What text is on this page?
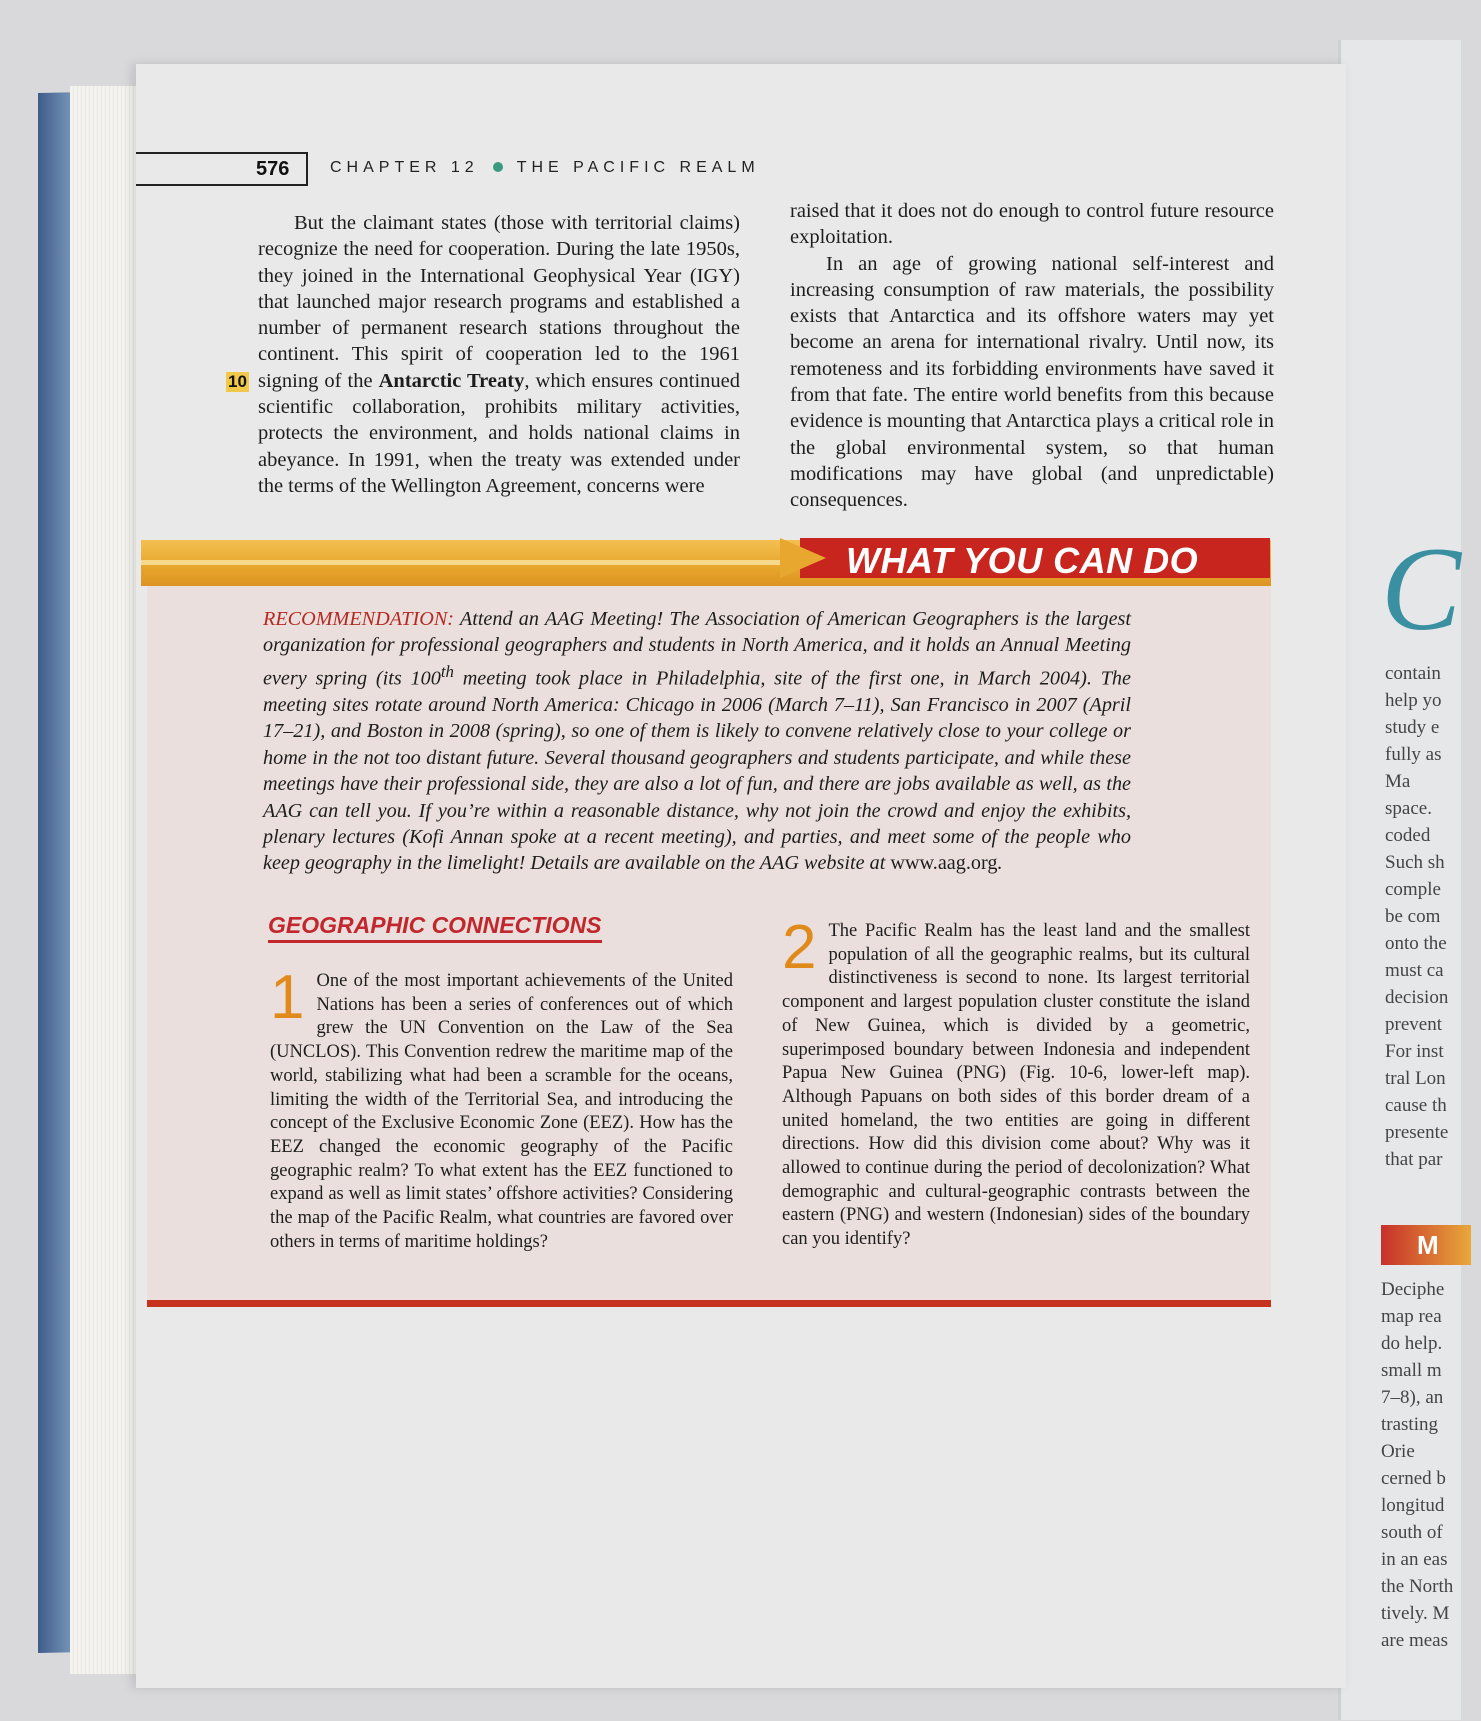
C
contain
help yo
study e
fully as
Ma
space.
coded
Such sh
comple
be com
onto the
must ca
decision
prevent
For inst
tral Lon
cause th
presente
that par
M
Deciphe
map rea
do help.
small m
7–8), an
trasting
Orie
cerned b
longitud
south of
in an eas
the North
tively. M
are meas
576	CHAPTER 12 THE PACIFIC REALM

But the claimant states (those with territorial claims) recognize the need for cooperation. During the late 1950s, they joined in the International Geophysical Year (IGY) that launched major research programs and established a number of permanent research stations throughout the continent. This spirit of cooperation led to the 1961 signing of the Antarctic Treaty, which ensures continued scientific collaboration, prohibits military activities, protects the environment, and holds national claims in abeyance. In 1991, when the treaty was extended under the terms of the Wellington Agreement, concerns were

10

raised that it does not do enough to control future resource exploitation.

In an age of growing national self-interest and increasing consumption of raw materials, the possibility exists that Antarctica and its offshore waters may yet become an arena for international rivalry. Until now, its remoteness and its forbidding environments have saved it from that fate. The entire world benefits from this because evidence is mounting that Antarctica plays a critical role in the global environmental system, so that human modifications may have global (and unpredictable) consequences.

WHAT YOU CAN DO
RECOMMENDATION: Attend an AAG Meeting! The Association of American Geographers is the largest organization for professional geographers and students in North America, and it holds an Annual Meeting every spring (its 100th meeting took place in Philadelphia, site of the first one, in March 2004). The meeting sites rotate around North America: Chicago in 2006 (March 7–11), San Francisco in 2007 (April 17–21), and Boston in 2008 (spring), so one of them is likely to convene relatively close to your college or home in the not too distant future. Several thousand geographers and students participate, and while these meetings have their professional side, they are also a lot of fun, and there are jobs available as well, as the AAG can tell you. If you’re within a reasonable distance, why not join the crowd and enjoy the exhibits, plenary lectures (Kofi Annan spoke at a recent meeting), and parties, and meet some of the people who keep geography in the limelight! Details are available on the AAG website at www.aag.org.
GEOGRAPHIC CONNECTIONS
1 One of the most important achievements of the United Nations has been a series of conferences out of which grew the UN Convention on the Law of the Sea (UNCLOS). This Convention redrew the maritime map of the world, stabilizing what had been a scramble for the oceans, limiting the width of the Territorial Sea, and introducing the concept of the Exclusive Economic Zone (EEZ). How has the EEZ changed the economic geography of the Pacific geographic realm? To what extent has the EEZ functioned to expand as well as limit states’ offshore activities? Considering the map of the Pacific Realm, what countries are favored over others in terms of maritime holdings?
2 The Pacific Realm has the least land and the smallest population of all the geographic realms, but its cultural distinctiveness is second to none. Its largest territorial component and largest population cluster constitute the island of New Guinea, which is divided by a geometric, superimposed boundary between Indonesia and independent Papua New Guinea (PNG) (Fig. 10-6, lower-left map). Although Papuans on both sides of this border dream of a united homeland, the two entities are going in different directions. How did this division come about? Why was it allowed to continue during the period of decolonization? What demographic and cultural-geographic contrasts between the eastern (PNG) and western (Indonesian) sides of the boundary can you identify?
